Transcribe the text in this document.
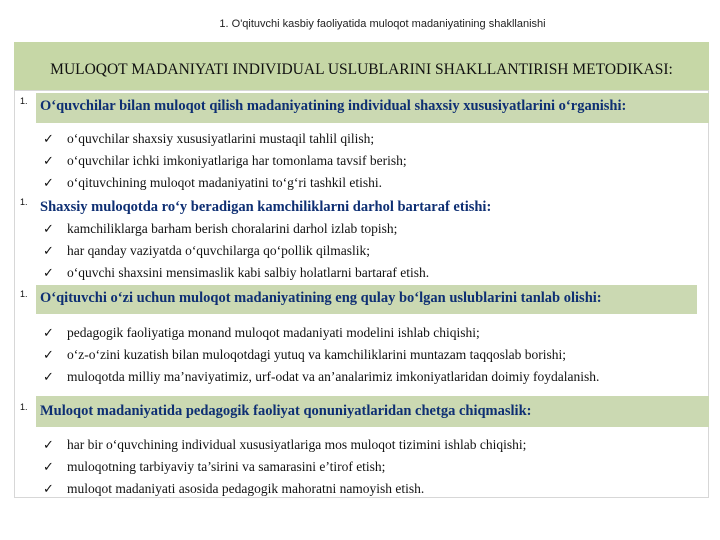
1. O'qituvchi kasbiy faoliyatida muloqot madaniyatining shakllanishi
MULOQOT MADANIYATI INDIVIDUAL USLUBLARINI SHAKLLANTIRISH METODIKASI:
1. O‘quvchilar bilan muloqot qilish madaniyatining individual shaxsiy xususiyatlarini o‘rganishi:
✓ o‘quvchilar shaxsiy xususiyatlarini mustaqil tahlil qilish;
✓ o‘quvchilar ichki imkoniyatlariga har tomonlama tavsif berish;
✓ o‘qituvchining muloqot madaniyatini to‘g‘ri tashkil etishi.
1. Shaxsiy muloqotda ro‘y beradigan kamchiliklarni darhol bartaraf etishi:
✓ kamchiliklarga barham berish choralarini darhol izlab topish;
✓ har qanday vaziyatda o‘quvchilarga qo‘pollik qilmaslik;
✓ o‘quvchi shaxsini mensimaslik kabi salbiy holatlarni bartaraf etish.
1. O‘qituvchi o‘zi uchun muloqot madaniyatining eng qulay bo‘lgan uslublarini tanlab olishi:
✓ pedagogik faoliyatiga monand muloqot madaniyati modelini ishlab chiqishi;
✓ o‘z-o‘zini kuzatish bilan muloqotdagi yutuq va kamchiliklarini muntazam taqqoslab borishi;
✓ muloqotda milliy ma’naviyatimiz, urf-odat va an’analarimiz imkoniyatlaridan doimiy foydalanish.
1. Muloqot madaniyatida pedagogik faoliyat qonuniyatlaridan chetga chiqmaslik:
✓ har bir o‘quvchining individual xususiyatlariga mos muloqot tizimini ishlab chiqishi;
✓ muloqotning tarbiyaviy ta’sirini va samarasini e’tirof etish;
✓ muloqot madaniyati asosida pedagogik mahoratni namoyish etish.
